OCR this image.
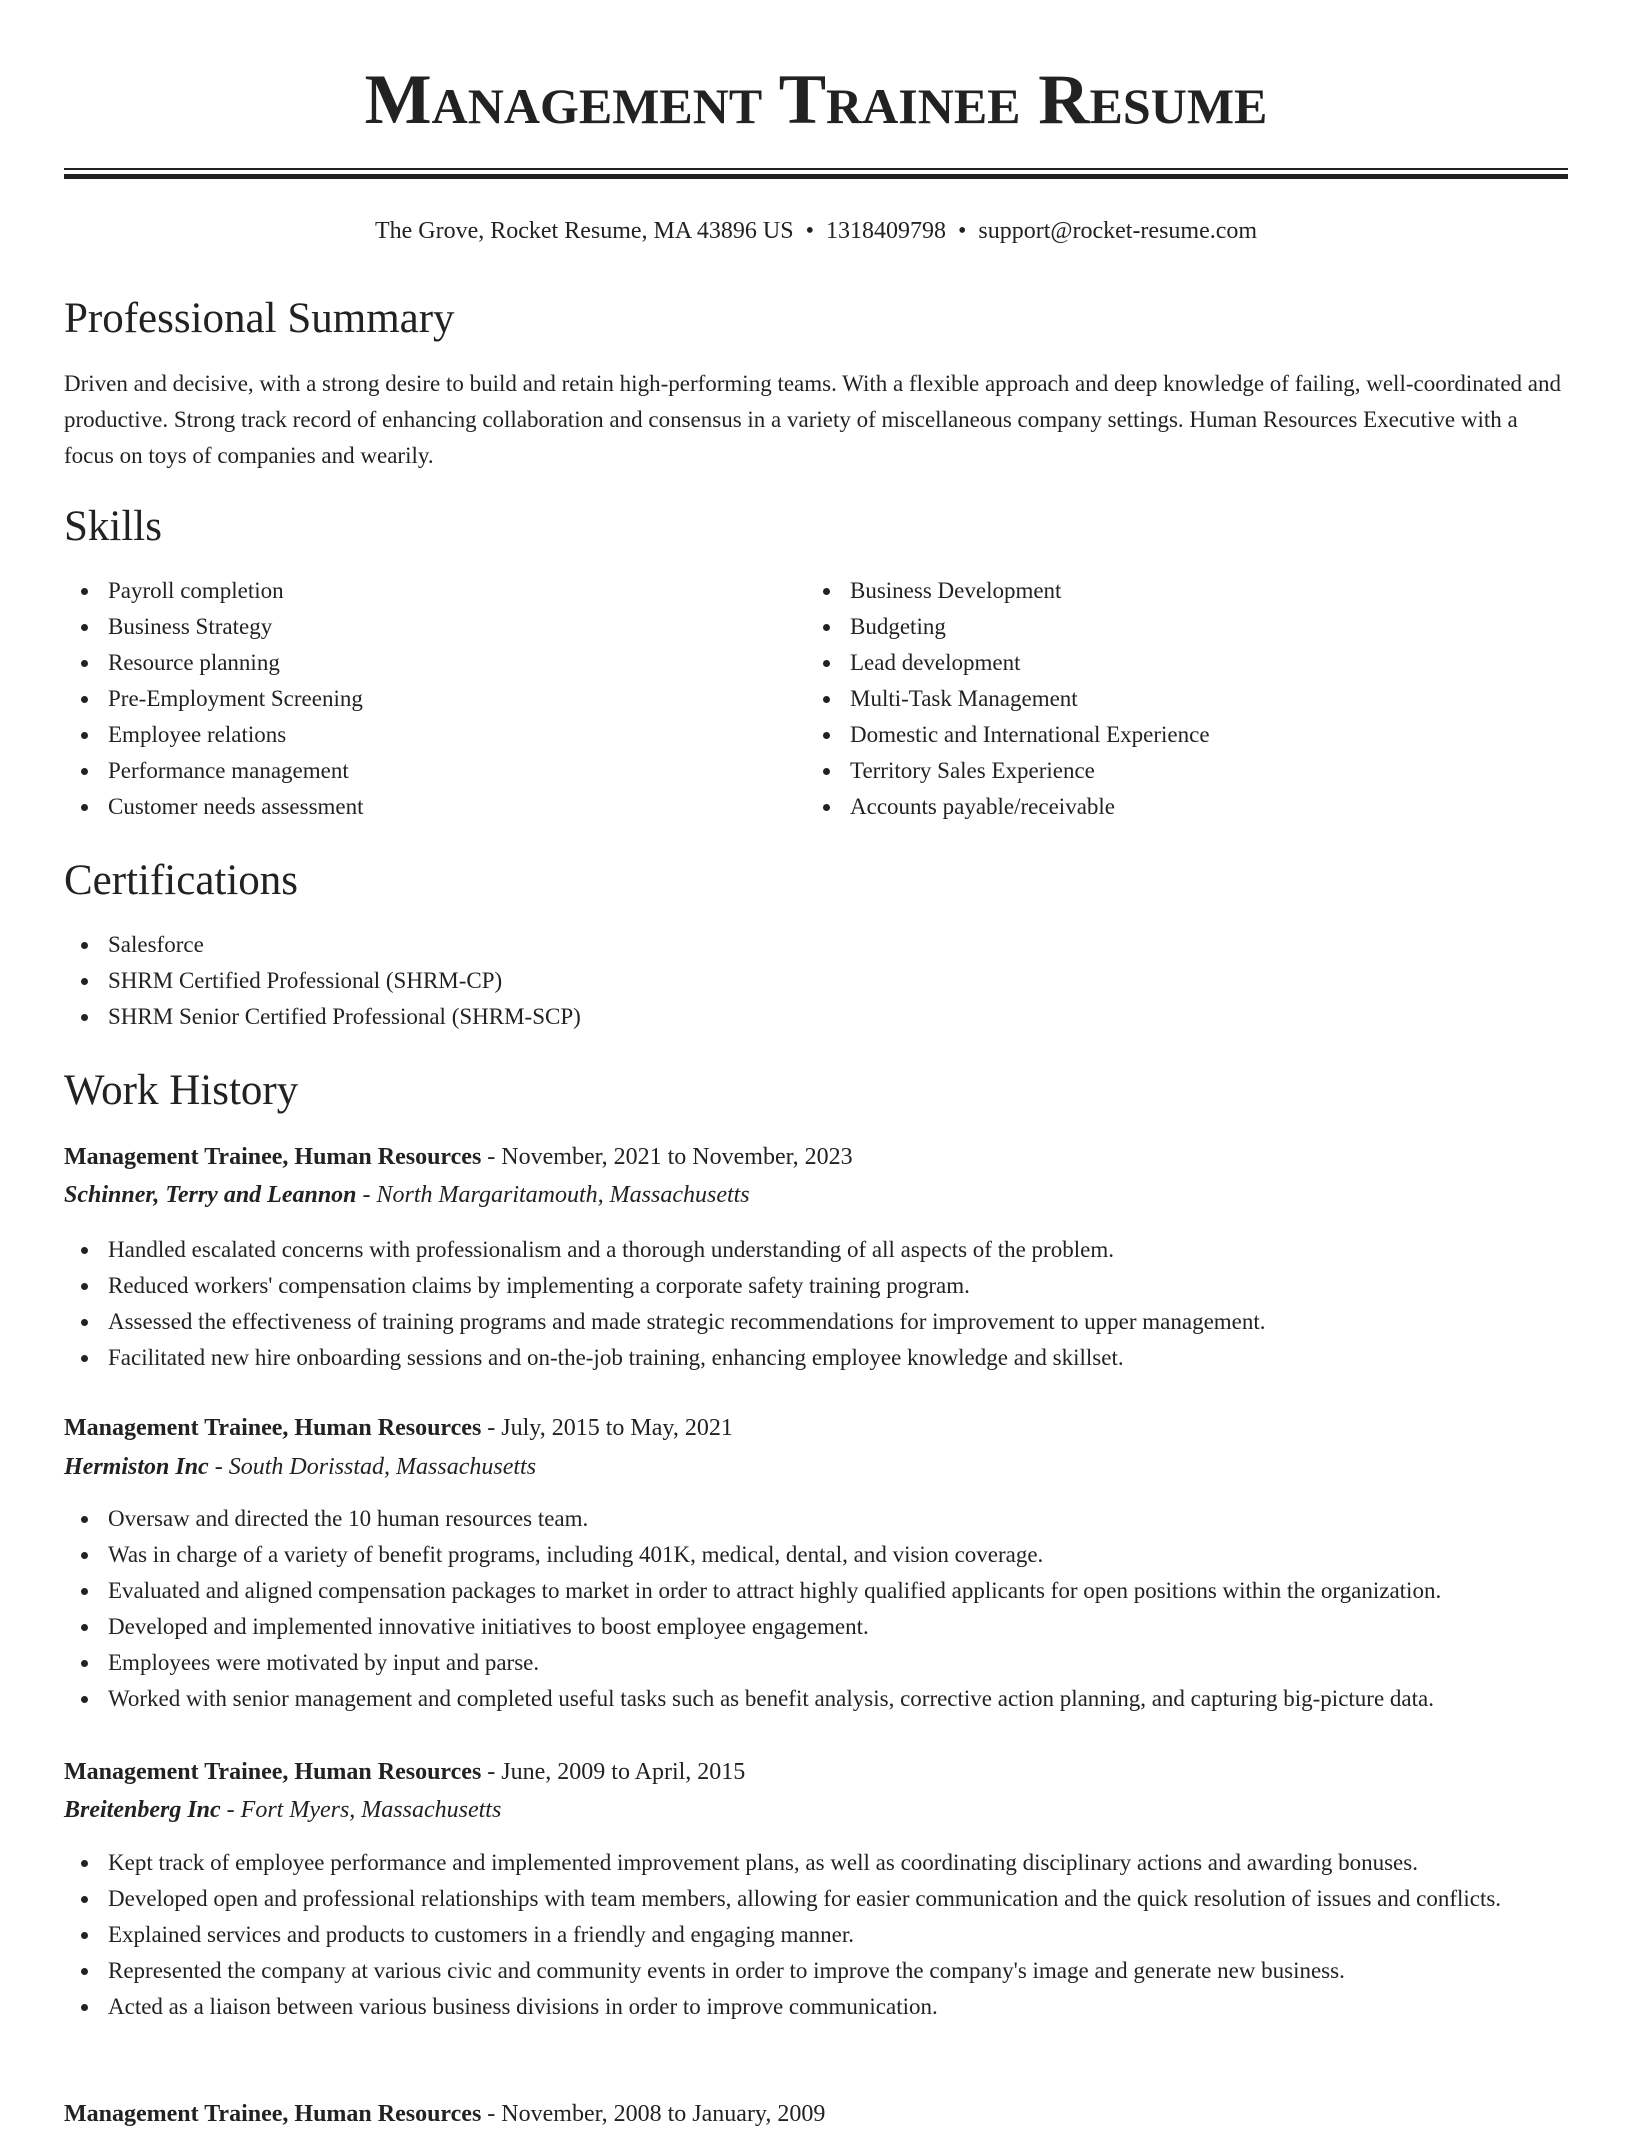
Management Trainee Resume
The Grove, Rocket Resume, MA 43896 US • 1318409798 • support@rocket-resume.com
Professional Summary

Driven and decisive, with a strong desire to build and retain high-performing teams. With a flexible approach and deep knowledge of failing, well-coordinated and productive. Strong track record of enhancing collaboration and consensus in a variety of miscellaneous company settings. Human Resources Executive with a focus on toys of companies and wearily.

Skills
Payroll completion
Business Strategy
Resource planning
Pre-Employment Screening
Employee relations
Performance management
Customer needs assessment
Business Development
Budgeting
Lead development
Multi-Task Management
Domestic and International Experience
Territory Sales Experience
Accounts payable/receivable
Certifications
Salesforce
SHRM Certified Professional (SHRM-CP)
SHRM Senior Certified Professional (SHRM-SCP)
Work History
Management Trainee, Human Resources - November, 2021 to November, 2023
Schinner, Terry and Leannon - North Margaritamouth, Massachusetts
Handled escalated concerns with professionalism and a thorough understanding of all aspects of the problem.
Reduced workers' compensation claims by implementing a corporate safety training program.
Assessed the effectiveness of training programs and made strategic recommendations for improvement to upper management.
Facilitated new hire onboarding sessions and on-the-job training, enhancing employee knowledge and skillset.
Management Trainee, Human Resources - July, 2015 to May, 2021
Hermiston Inc - South Dorisstad, Massachusetts
Oversaw and directed the 10 human resources team.
Was in charge of a variety of benefit programs, including 401K, medical, dental, and vision coverage.
Evaluated and aligned compensation packages to market in order to attract highly qualified applicants for open positions within the organization.
Developed and implemented innovative initiatives to boost employee engagement.
Employees were motivated by input and parse.
Worked with senior management and completed useful tasks such as benefit analysis, corrective action planning, and capturing big-picture data.
Management Trainee, Human Resources - June, 2009 to April, 2015
Breitenberg Inc - Fort Myers, Massachusetts
Kept track of employee performance and implemented improvement plans, as well as coordinating disciplinary actions and awarding bonuses.
Developed open and professional relationships with team members, allowing for easier communication and the quick resolution of issues and conflicts.
Explained services and products to customers in a friendly and engaging manner.
Represented the company at various civic and community events in order to improve the company's image and generate new business.
Acted as a liaison between various business divisions in order to improve communication.
Management Trainee, Human Resources - November, 2008 to January, 2009
